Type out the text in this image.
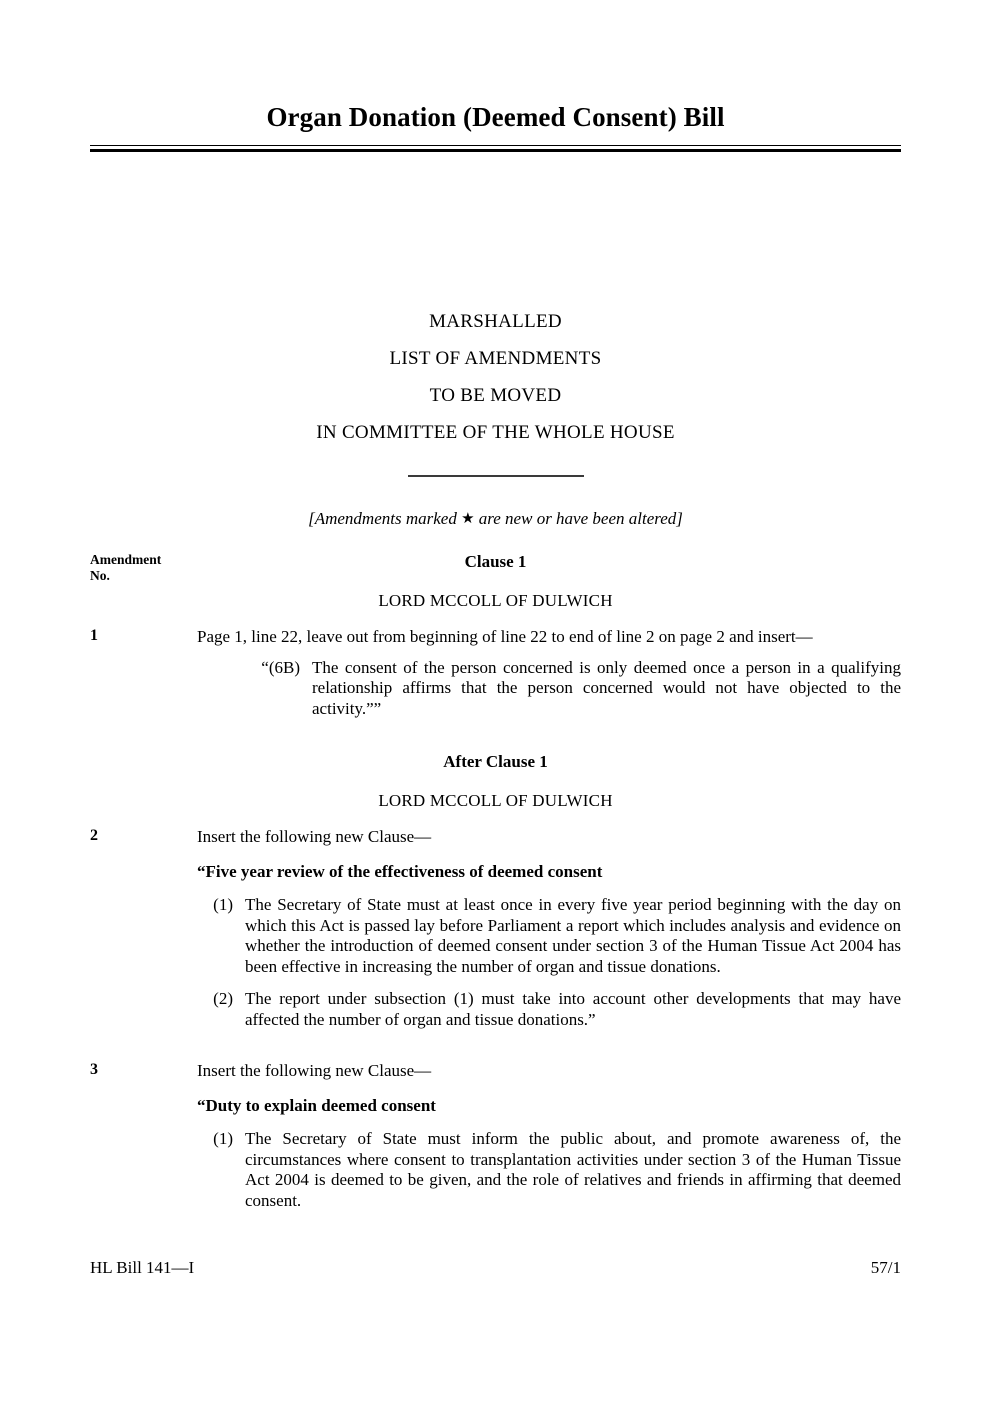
Organ Donation (Deemed Consent) Bill
MARSHALLED
LIST OF AMENDMENTS
TO BE MOVED
IN COMMITTEE OF THE WHOLE HOUSE
[Amendments marked ★ are new or have been altered]
Amendment
No.
Clause 1
LORD MCCOLL OF DULWICH
1	Page 1, line 22, leave out from beginning of line 22 to end of line 2 on page 2 and insert—
“(6B) The consent of the person concerned is only deemed once a person in a qualifying relationship affirms that the person concerned would not have objected to the activity.””
After Clause 1
LORD MCCOLL OF DULWICH
2	Insert the following new Clause—
“Five year review of the effectiveness of deemed consent
(1) The Secretary of State must at least once in every five year period beginning with the day on which this Act is passed lay before Parliament a report which includes analysis and evidence on whether the introduction of deemed consent under section 3 of the Human Tissue Act 2004 has been effective in increasing the number of organ and tissue donations.
(2) The report under subsection (1) must take into account other developments that may have affected the number of organ and tissue donations.”
3	Insert the following new Clause—
“Duty to explain deemed consent
(1) The Secretary of State must inform the public about, and promote awareness of, the circumstances where consent to transplantation activities under section 3 of the Human Tissue Act 2004 is deemed to be given, and the role of relatives and friends in affirming that deemed consent.
HL Bill 141—I	57/1
